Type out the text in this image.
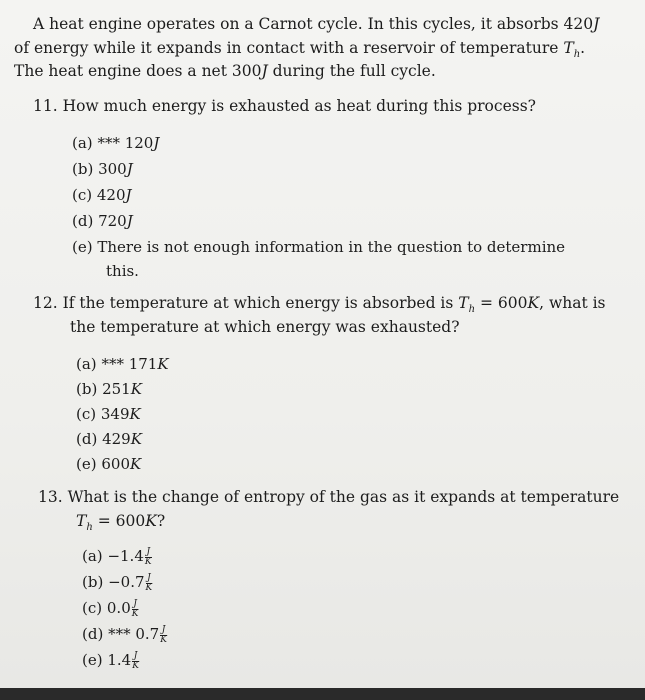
A heat engine operates on a Carnot cycle. In this cycles, it absorbs 420J
of energy while it expands in contact with a reservoir of temperature $T_h$.
The heat engine does a net 300J during the full cycle.
11. How much energy is exhausted as heat during this process?
(a) *** 120J
(b) 300J
(c) 420J
(d) 720J
(e) There is not enough information in the question to determine
this.
12. If the temperature at which energy is absorbed is $T_h = 600K$, what is
the temperature at which energy was exhausted?
(a) *** 171K
(b) 251K
(c) 349K
(d) 429K
(e) 600K
13. What is the change of entropy of the gas as it expands at temperature
$T_h = 600K$?
$(a) -1.4 \frac{J}{K}$
$(b) -0.7 \frac{J}{K}$
(c) $0.0 \frac{J}{K}$
(d) *** $0.7 \frac{J}{K}$
(e) $1.4 \frac{J}{K}$
